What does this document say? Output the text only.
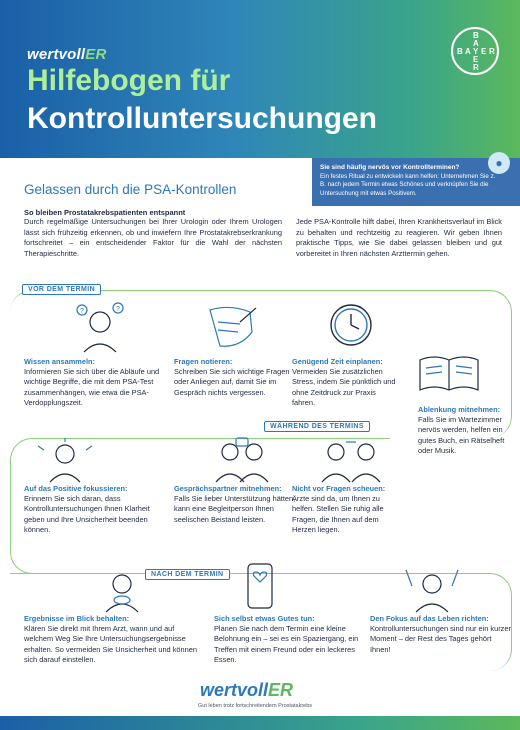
wertvollER
Hilfebogen für
Kontrolluntersuchungen
B
A
B A Y E R
E
R
●
Sie sind häufig nervös vor Kontrollterminen?
Ein festes Ritual zu entwickeln kann helfen: Unternehmen Sie z. B. nach jedem Termin etwas Schönes und verknüpfen Sie die Untersuchung mit etwas Positivem.
Gelassen durch die PSA-Kontrollen
So bleiben Prostatakrebspatienten entspannt
Durch regelmäßige Untersuchungen bei Ihrer Urologin oder Ihrem Urologen lässt sich frühzeitig erkennen, ob und inwiefern Ihre Prostatakrebserkrankung fortschreitet – ein entscheidender Faktor für die Wahl der nächsten Therapieschritte.
Jede PSA-Kontrolle hilft dabei, Ihren Krankheitsverlauf im Blick zu behalten und rechtzeitig zu reagieren. Wir geben Ihnen praktische Tipps, wie Sie dabei gelassen bleiben und gut vorbereitet in Ihren nächsten Arzttermin gehen.
VOR DEM TERMIN
WÄHREND DES TERMINS
NACH DEM TERMIN
?	?
Wissen ansammeln:
Informieren Sie sich über die Abläufe und wichtige Begriffe, die mit dem PSA-Test zusammenhängen, wie etwa die PSA-Verdopplungszeit.
Fragen notieren:
Schreiben Sie sich wichtige Fragen oder Anliegen auf, damit Sie im Gespräch nichts vergessen.
Genügend Zeit einplanen:
Vermeiden Sie zusätzlichen Stress, indem Sie pünktlich und ohne Zeitdruck zur Praxis fahren.
Ablenkung mitnehmen:
Falls Sie im Wartezimmer nervös werden, helfen ein gutes Buch, ein Rätselheft oder Musik.
Auf das Positive fokussieren:
Erinnern Sie sich daran, dass Kontrolluntersuchungen Ihnen Klarheit geben und Ihre Unsicherheit beenden können.
Gesprächspartner mitnehmen:
Falls Sie lieber Unterstützung hätten, kann eine Begleitperson Ihnen seelischen Beistand leisten.
Nicht vor Fragen scheuen:
Ärzte sind da, um Ihnen zu helfen. Stellen Sie ruhig alle Fragen, die Ihnen auf dem Herzen liegen.
Ergebnisse im Blick behalten:
Klären Sie direkt mit Ihrem Arzt, wann und auf welchem Weg Sie Ihre Untersuchungsergebnisse erhalten. So vermeiden Sie Unsicherheit und können sich darauf einstellen.
Sich selbst etwas Gutes tun:
Planen Sie nach dem Termin eine kleine Belohnung ein – sei es ein Spaziergang, ein Treffen mit einem Freund oder ein leckeres Essen.
Den Fokus auf das Leben richten:
Kontrolluntersuchungen sind nur ein kurzer Moment – der Rest des Tages gehört Ihnen!
wertvollER
Gut leben trotz fortschreitendem Prostatakrebs
